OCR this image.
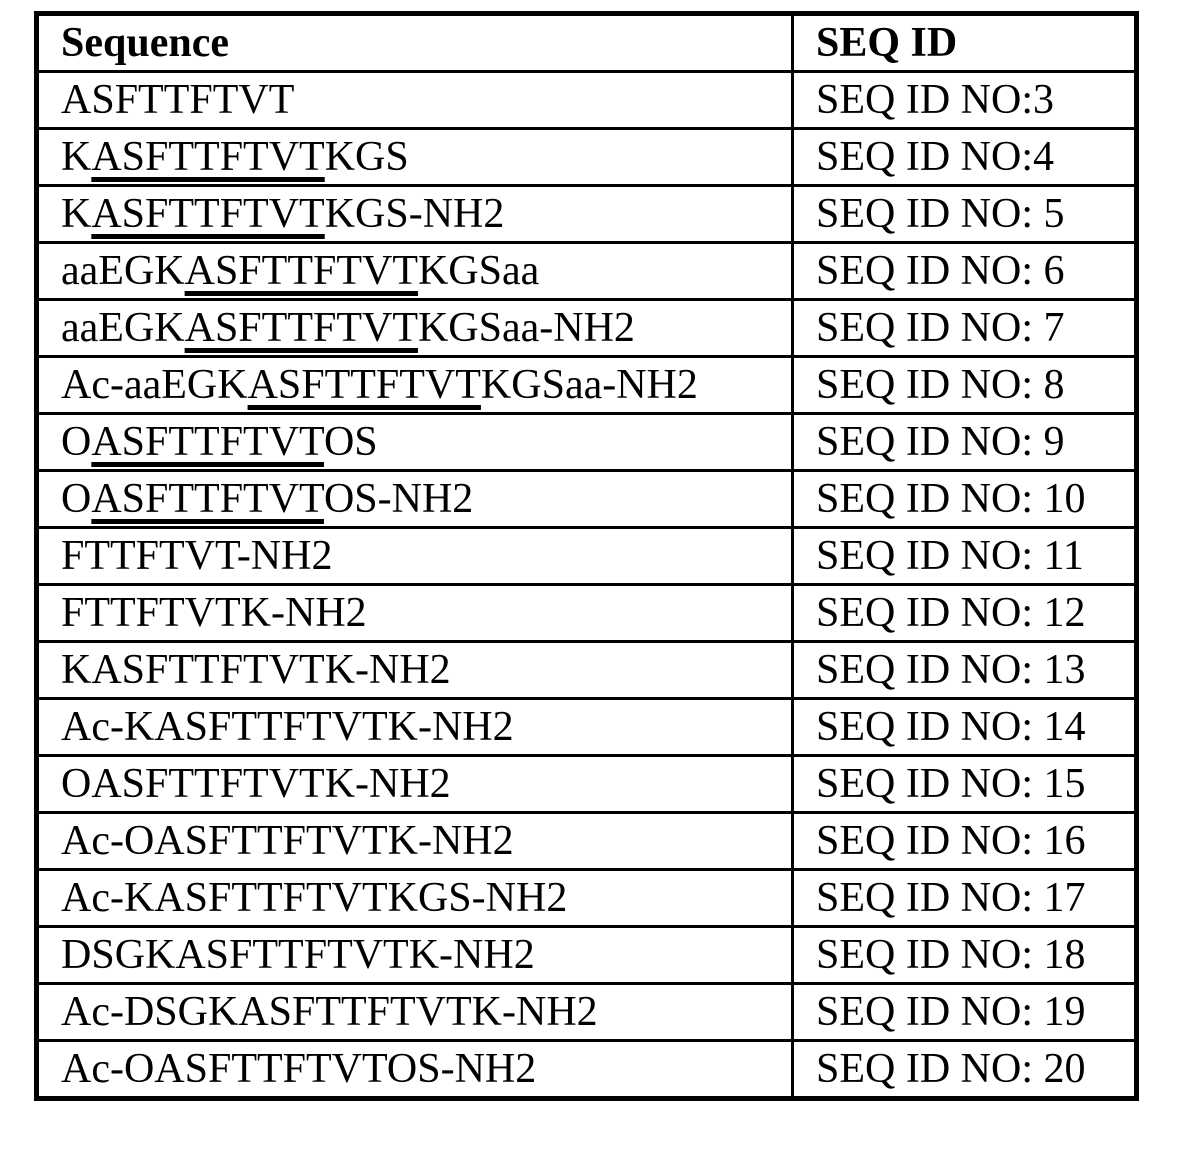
Sequence	SEQ ID
ASFTTFTVT	SEQ ID NO:3
KASFTTFTVTKGS	SEQ ID NO:4
KASFTTFTVTKGS-NH2	SEQ ID NO: 5
aaEGKASFTTFTVTKGSaa	SEQ ID NO: 6
aaEGKASFTTFTVTKGSaa-NH2	SEQ ID NO: 7
Ac-aaEGKASFTTFTVTKGSaa-NH2	SEQ ID NO: 8
OASFTTFTVTOS	SEQ ID NO: 9
OASFTTFTVTOS-NH2	SEQ ID NO: 10
FTTFTVT-NH2	SEQ ID NO: 11
FTTFTVTK-NH2	SEQ ID NO: 12
KASFTTFTVTK-NH2	SEQ ID NO: 13
Ac-KASFTTFTVTK-NH2	SEQ ID NO: 14
OASFTTFTVTK-NH2	SEQ ID NO: 15
Ac-OASFTTFTVTK-NH2	SEQ ID NO: 16
Ac-KASFTTFTVTKGS-NH2	SEQ ID NO: 17
DSGKASFTTFTVTK-NH2	SEQ ID NO: 18
Ac-DSGKASFTTFTVTK-NH2	SEQ ID NO: 19
Ac-OASFTTFTVTOS-NH2	SEQ ID NO: 20
